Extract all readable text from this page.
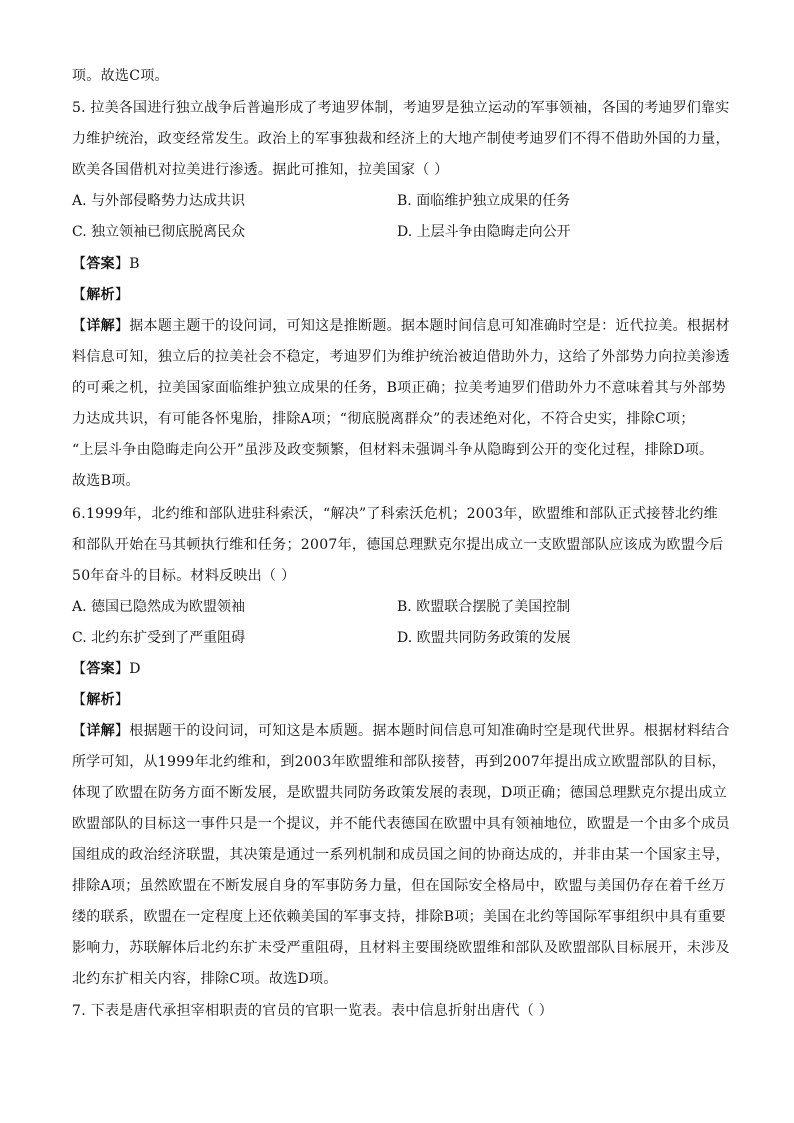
项。故选C项。
5. 拉美各国进行独立战争后普遍形成了考迪罗体制，考迪罗是独立运动的军事领袖，各国的考迪罗们靠实
力维护统治，政变经常发生。政治上的军事独裁和经济上的大地产制使考迪罗们不得不借助外国的力量，
欧美各国借机对拉美进行渗透。据此可推知，拉美国家（ ）
A. 与外部侵略势力达成共识	B. 面临维护独立成果的任务
C. 独立领袖已彻底脱离民众	D. 上层斗争由隐晦走向公开
【答案】B
【解析】
【详解】据本题主题干的设问词，可知这是推断题。据本题时间信息可知准确时空是：近代拉美。根据材
料信息可知，独立后的拉美社会不稳定，考迪罗们为维护统治被迫借助外力，这给了外部势力向拉美渗透
的可乘之机，拉美国家面临维护独立成果的任务，B项正确；拉美考迪罗们借助外力不意味着其与外部势
力达成共识，有可能各怀鬼胎，排除A项；“彻底脱离群众”的表述绝对化，不符合史实，排除C项；
“上层斗争由隐晦走向公开”虽涉及政变频繁，但材料未强调斗争从隐晦到公开的变化过程，排除D项。
故选B项。
6.1999年，北约维和部队进驻科索沃，“解决”了科索沃危机；2003年，欧盟维和部队正式接替北约维
和部队开始在马其顿执行维和任务；2007年，德国总理默克尔提出成立一支欧盟部队应该成为欧盟今后
50年奋斗的目标。材料反映出（ ）
A. 德国已隐然成为欧盟领袖	B. 欧盟联合摆脱了美国控制
C. 北约东扩受到了严重阻碍	D. 欧盟共同防务政策的发展
【答案】D
【解析】
【详解】根据题干的设问词，可知这是本质题。据本题时间信息可知准确时空是现代世界。根据材料结合
所学可知，从1999年北约维和，到2003年欧盟维和部队接替，再到2007年提出成立欧盟部队的目标，
体现了欧盟在防务方面不断发展，是欧盟共同防务政策发展的表现，D项正确；德国总理默克尔提出成立
欧盟部队的目标这一事件只是一个提议，并不能代表德国在欧盟中具有领袖地位，欧盟是一个由多个成员
国组成的政治经济联盟，其决策是通过一系列机制和成员国之间的协商达成的，并非由某一个国家主导，
排除A项；虽然欧盟在不断发展自身的军事防务力量，但在国际安全格局中，欧盟与美国仍存在着千丝万
缕的联系，欧盟在一定程度上还依赖美国的军事支持，排除B项；美国在北约等国际军事组织中具有重要
影响力，苏联解体后北约东扩未受严重阻碍，且材料主要围绕欧盟维和部队及欧盟部队目标展开，未涉及
北约东扩相关内容，排除C项。故选D项。
7. 下表是唐代承担宰相职责的官员的官职一览表。表中信息折射出唐代（ ）
